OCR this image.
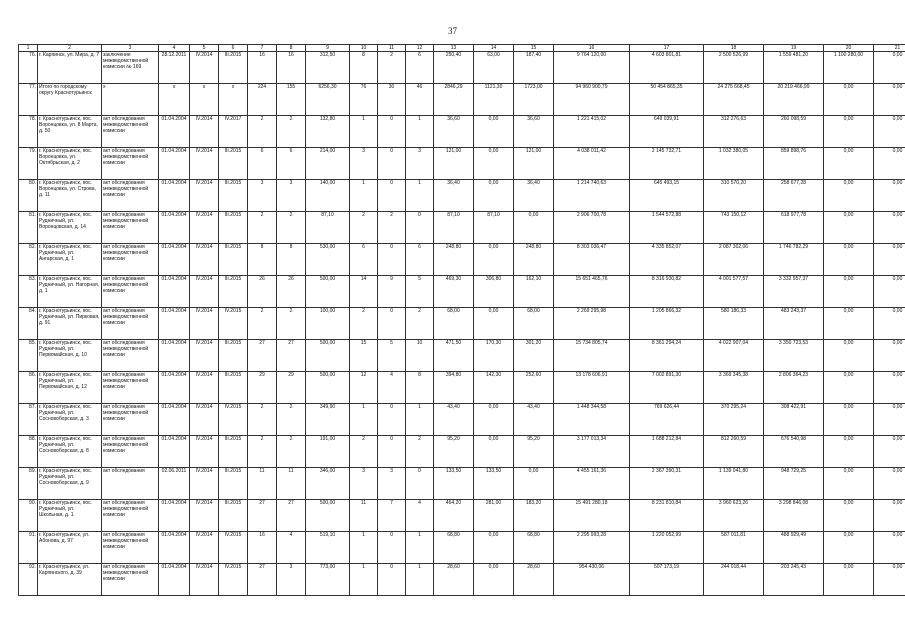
37
1	2	3	4	5	6	7	8	9	10	11	12	13	14	15	16	17	18	19	20	21
76.	г. Карпинск, ул. Мира, д. 7	заключение межведомственной комиссии № 169	28.12.2011	IV.2014	III.2015	16	16	312,50	8	2	6	250,40	63,00	187,40	9 764 120,00	4 603 801,81	2 500 526,99	1 559 481,20	1 100 280,00	0,00
77.	Итого по городскому округу Краснотурьинск	х	х	х	х	224	155	6256,30	76	30	46	2846,29	1121,30	1723,00	94 960 900,79	50 454 865,35	24 275 668,45	20 219 466,99	0,00	0,00
78.	г. Краснотурьинск, пос. Воронцовка, ул. 8 Марта, д. 50	акт обследования межведомственной комиссии	01.04.2004	IV.2014	IV.2017	2	2	132,80	1	0	1	36,60	0,00	36,60	1 221 415,02	649 039,91	312 276,63	260 098,59	0,00	0,00
79.	г. Краснотурьинск, пос. Воронцовка, ул. Октябрьская, д. 2	акт обследования межведомственной комиссии	01.04.2004	IV.2014	III.2015	6	6	214,00	3	0	3	121,00	0,00	121,00	4 038 011,42	2 145 732,71	1 032 380,05	859 898,76	0,00	0,00
80.	г. Краснотурьинск, пос. Воронцовка, ул. Строва, д. 11	акт обследования межведомственной комиссии	01.04.2004	IV.2014	III.2015	3	3	140,00	1	0	1	36,40	0,00	36,40	1 214 740,63	645 493,15	310 570,20	258 677,28	0,00	0,00
81.	г. Краснотурьинск, пос. Рудничный, ул. Воронцовская, д. 14	акт обследования межведомственной комиссии	01.04.2004	IV.2014	III.2015	2	2	87,10	2	2	0	87,10	87,10	0,00	2 906 700,78	1 544 572,88	743 150,12	618 977,78	0,00	0,00
82.	г. Краснотурьинск, пос. Рудничный, ул. Ангарская, д. 1	акт обследования межведомственной комиссии	01.04.2004	IV.2014	III.2015	8	8	530,00	6	0	6	248,80	0,00	248,80	8 303 036,47	4 335 852,07	2 087 302,06	1 746 782,29	0,00	0,00
83.	г. Краснотурьинск, пос. Рудничный, ул. Нагорная, д. 1	акт обследования межведомственной комиссии	01.04.2004	IV.2014	III.2015	26	26	500,00	14	9	5	469,30	306,80	162,10	15 651 465,76	8 316 930,82	4 001 577,57	3 332 957,37	0,00	0,00
84.	г. Краснотурьинск, пос. Рудничный, ул. Пирковая, д. 91	акт обследования межведомственной комиссии	01.04.2004	IV.2014	IV.2015	2	2	100,00	2	0	2	68,00	0,00	68,00	2 269 295,98	1 205 866,32	580 186,33	483 243,37	0,00	0,00
85.	г. Краснотурьинск, пос. Рудничный, ул. Первомайская, д. 10	акт обследования межведомственной комиссии	01.04.2004	IV.2014	III.2015	27	27	500,00	15	5	10	471,50	170,30	301,20	15 734 805,74	8 361 294,24	4 022 907,04	3 350 723,53	0,00	0,00
86.	г. Краснотурьинск, пос. Рудничный, ул. Первомайская, д. 12	акт обследования межведомственной комиссии	01.04.2004	IV.2014	III.2015	29	29	500,00	12	4	8	394,80	142,30	252,60	13 178 606,91	7 002 891,30	3 369 345,38	2 806 364,23	0,00	0,00
87.	г. Краснотурьинск, пос. Рудничный, ул. Сосновоборская, д. 3	акт обследования межведомственной комиссии	01.04.2004	IV.2014	IV.2015	2	2	349,90	1	0	1	43,40	0,00	43,40	1 448 344,58	769 626,44	370 295,24	308 422,91	0,00	0,00
88.	г. Краснотурьинск, пос. Рудничный, ул. Сосновоборская, д. 8	акт обследования межведомственной комиссии	01.04.2004	IV.2014	III.2015	2	2	191,00	2	0	2	95,20	0,00	95,20	3 177 013,34	1 688 212,84	812 260,59	676 540,98	0,00	0,00
89.	г. Краснотурьинск, пос. Рудничный, ул. Сосновоборская, д. 9	акт обследования	02.06.2011	IV.2014	III.2015	11	11	346,00	3	3	0	133,50	133,50	0,00	4 455 161,36	2 367 390,31	1 139 041,80	948 729,25	0,00	0,00
90.	г. Краснотурьинск, пос. Рудничный, ул. Школьная, д. 1	акт обследования межведомственной комиссии	01.04.2004	IV.2014	III.2015	27	27	500,00	11	7	4	464,20	281,00	183,20	15 491 280,18	8 231 810,84	3 960 623,26	3 298 846,08	0,00	0,00
91.	г. Краснотурьинск, ул. Абонова, д. 97	акт обследования межведомственной комиссии	01.04.2004	IV.2014	IV.2015	16	4	519,10	1	0	1	68,80	0,00	68,80	2 295 993,28	1 220 052,99	587 011,81	488 929,49	0,00	0,00
92.	г. Краснотурьинск, ул. Карпинского, д. 39	акт обследования межведомственной комиссии	01.04.2004	IV.2014	IV.2015	27	3	773,00	1	0	1	28,60	0,00	28,60	954 430,06	507 173,19	244 018,44	203 245,43	0,00	0,00
